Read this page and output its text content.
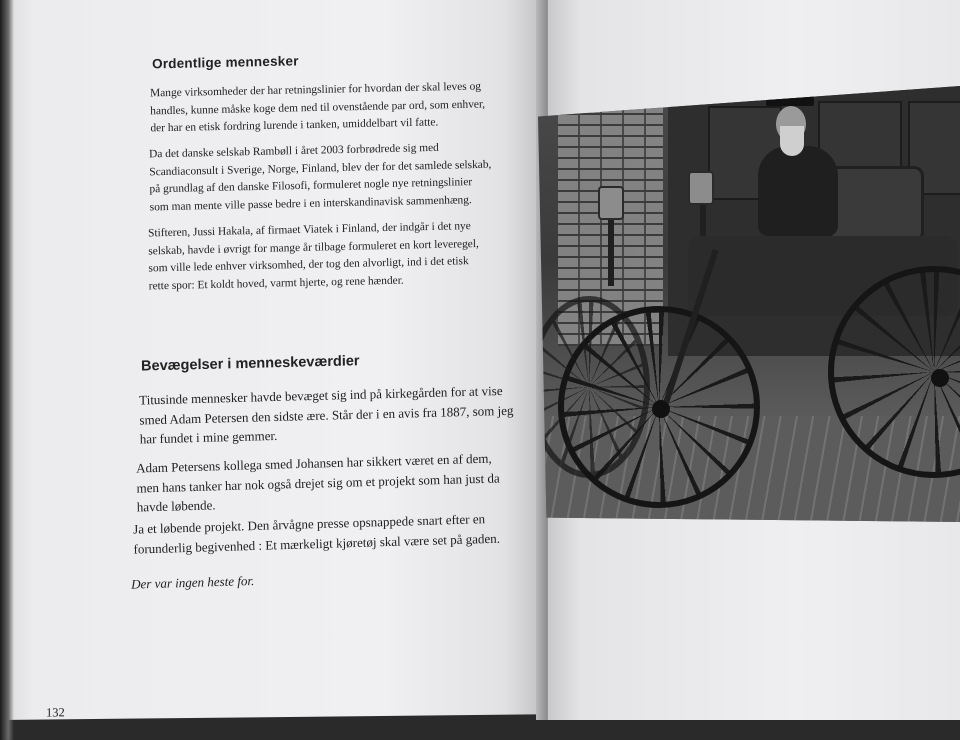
Ordentlige mennesker
Mange virksomheder der har retningslinier for hvordan der skal leves og
handles, kunne måske koge dem ned til ovenstående par ord, som enhver,
der har en etisk fordring lurende i tanken, umiddelbart vil fatte.
Da det danske selskab Rambøll i året 2003 forbrødrede sig med
Scandiaconsult i Sverige, Norge, Finland, blev der for det samlede selskab,
på grundlag af den danske Filosofi, formuleret nogle nye retningslinier
som man mente ville passe bedre i en interskandinavisk sammenhæng.
Stifteren, Jussi Hakala, af firmaet Viatek i Finland, der indgår i det nye
selskab, havde i øvrigt for mange år tilbage formuleret en kort leveregel,
som ville lede enhver virksomhed, der tog den alvorligt, ind i det etisk
rette spor: Et koldt hoved, varmt hjerte, og rene hænder.
Bevægelser i menneskeværdier
Titusinde mennesker havde bevæget sig ind på kirkegården for at vise
smed Adam Petersen den sidste ære. Står der i en avis fra 1887, som jeg
har fundet i mine gemmer.
Adam Petersens kollega smed Johansen har sikkert været en af dem,
men hans tanker har nok også drejet sig om et projekt som han just da
havde løbende.
Ja et løbende projekt. Den årvågne presse opsnappede snart efter en
forunderlig begivenhed : Et mærkeligt kjøretøj skal være set på gaden.
Der var ingen heste for.
132
